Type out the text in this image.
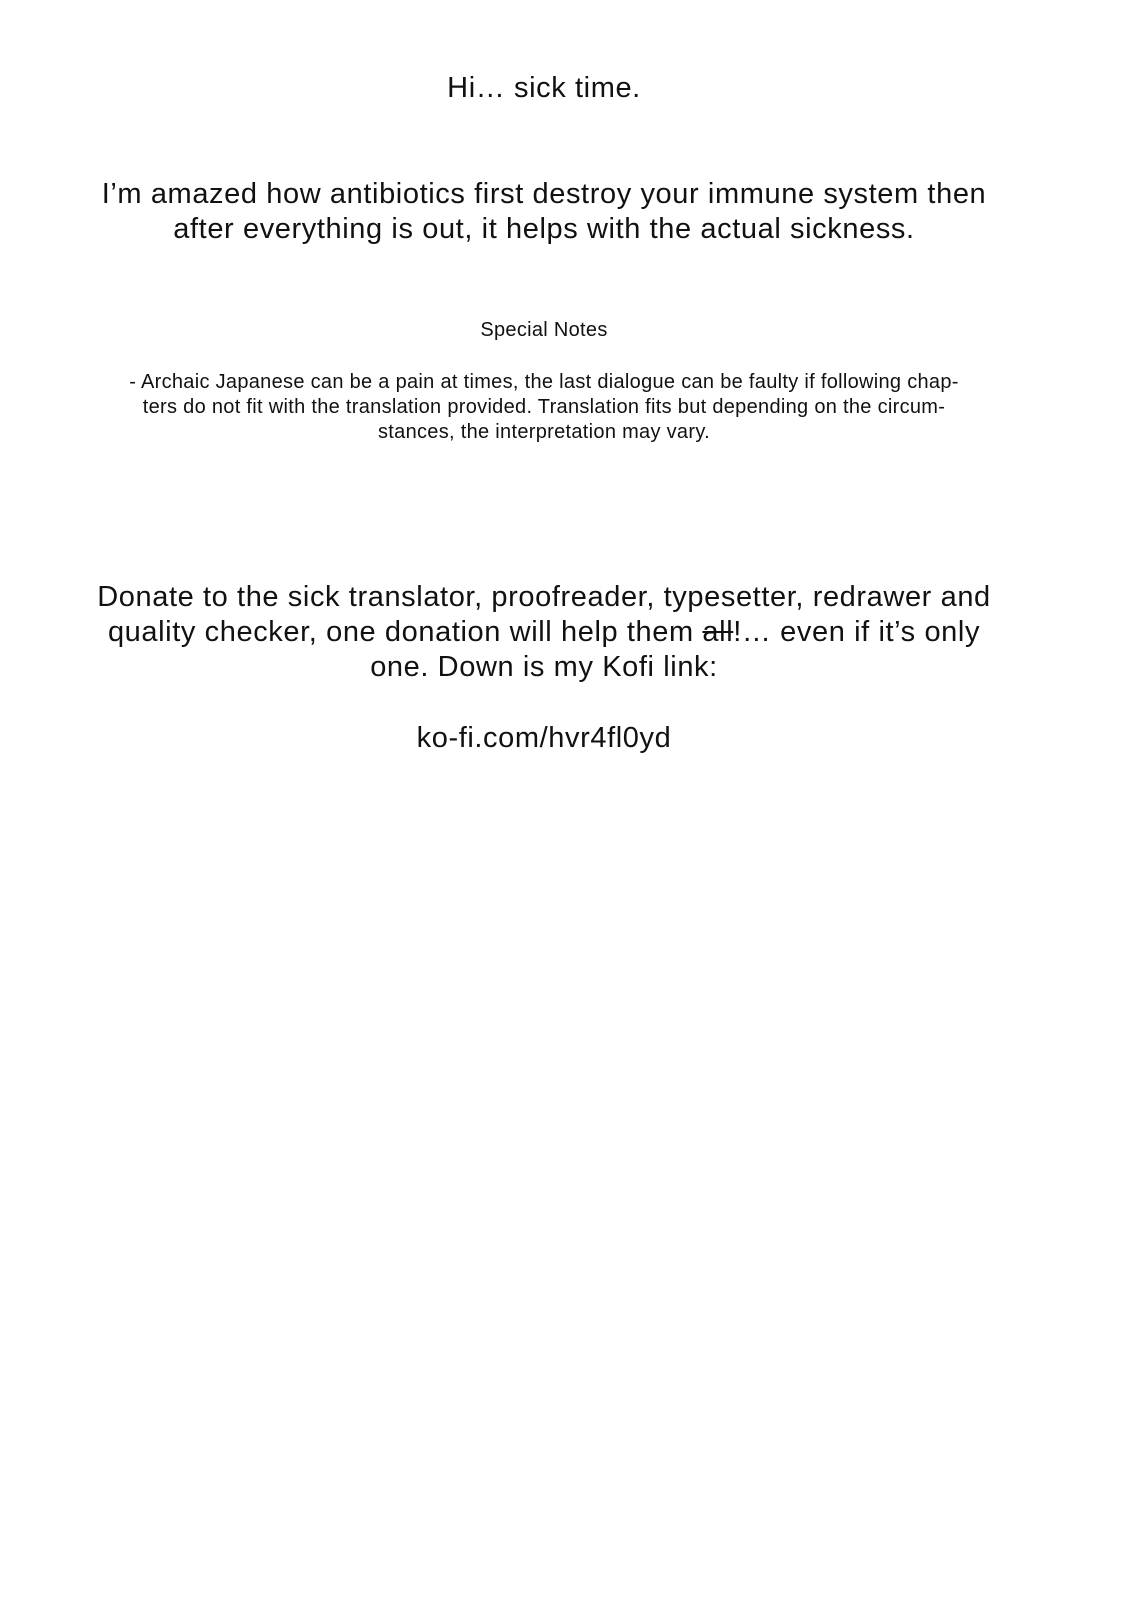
Hi… sick time.
I’m amazed how antibiotics first destroy your immune system then
after everything is out, it helps with the actual sickness.
Special Notes
- Archaic Japanese can be a pain at times, the last dialogue can be faulty if following chap-
ters do not fit with the translation provided. Translation fits but depending on the circum-
stances, the interpretation may vary.
Donate to the sick translator, proofreader, typesetter, redrawer and
quality checker, one donation will help them all!… even if it’s only
one. Down is my Kofi link:
ko-fi.com/hvr4fl0yd
